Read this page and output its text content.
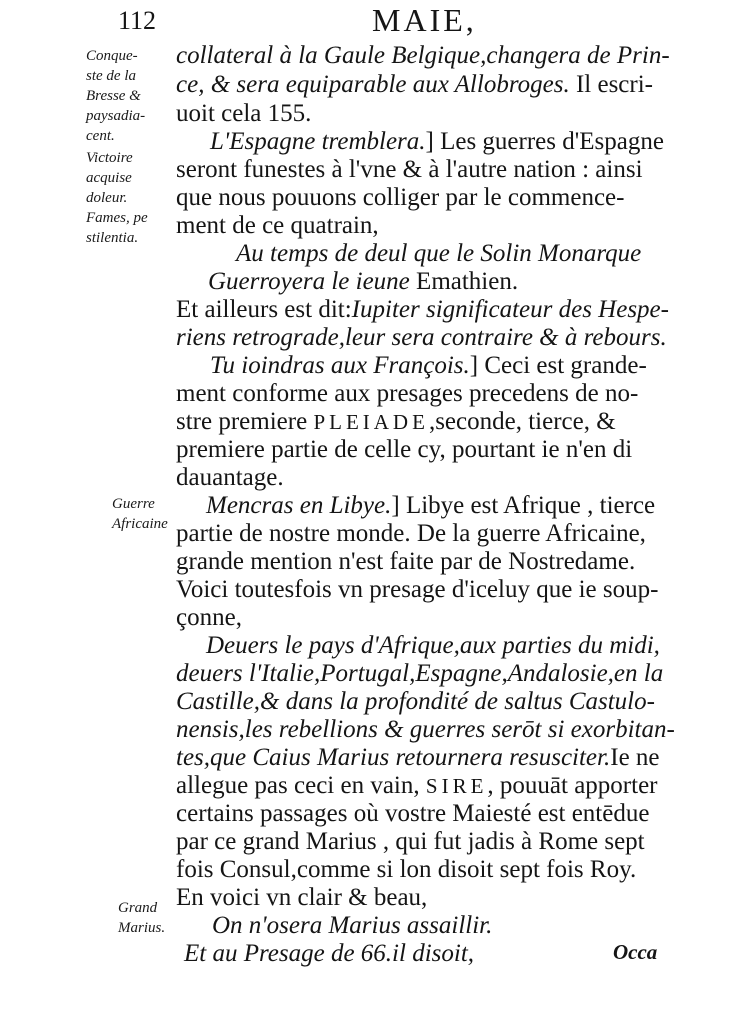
112	MAIE,
Conque-
ste de la
Bresse &
paysadia-
cent.
Victoire
acquise
doleur.
Fames, pe
stilentia.
Guerre
Africaine
Grand
Marius.
collateral à la Gaule Belgique,changera de Prin-
ce, & sera equiparable aux Allobroges. Il escri-
uoit cela 155.
L'Espagne tremblera.] Les guerres d'Espagne
seront funestes à l'vne & à l'autre nation : ainsi
que nous pouuons colliger par le commence-
ment de ce quatrain,
Au temps de deul que le Solin Monarque
Guerroyera le ieune Emathien.
Et ailleurs est dit:Iupiter significateur des Hespe-
riens retrograde,leur sera contraire & à rebours.
Tu ioindras aux François.] Ceci est grande-
ment conforme aux presages precedens de no-
stre premiere PLEIADE,seconde, tierce, &
premiere partie de celle cy, pourtant ie n'en di
dauantage.
Mencras en Libye.] Libye est Afrique , tierce
partie de nostre monde. De la guerre Africaine,
grande mention n'est faite par de Nostredame.
Voici toutesfois vn presage d'iceluy que ie soup-
çonne,
Deuers le pays d'Afrique,aux parties du midi,
deuers l'Italie,Portugal,Espagne,Andalosie,en la
Castille,& dans la profondité de saltus Castulo-
nensis,les rebellions & guerres serōt si exorbitan-
tes,que Caius Marius retournera resusciter.Ie ne
allegue pas ceci en vain, SIRE, pouuāt apporter
certains passages où vostre Maiesté est entēdue
par ce grand Marius , qui fut jadis à Rome sept
fois Consul,comme si lon disoit sept fois Roy.
En voici vn clair & beau,
On n'osera Marius assaillir.
Et au Presage de 66.il disoit,	Occa
